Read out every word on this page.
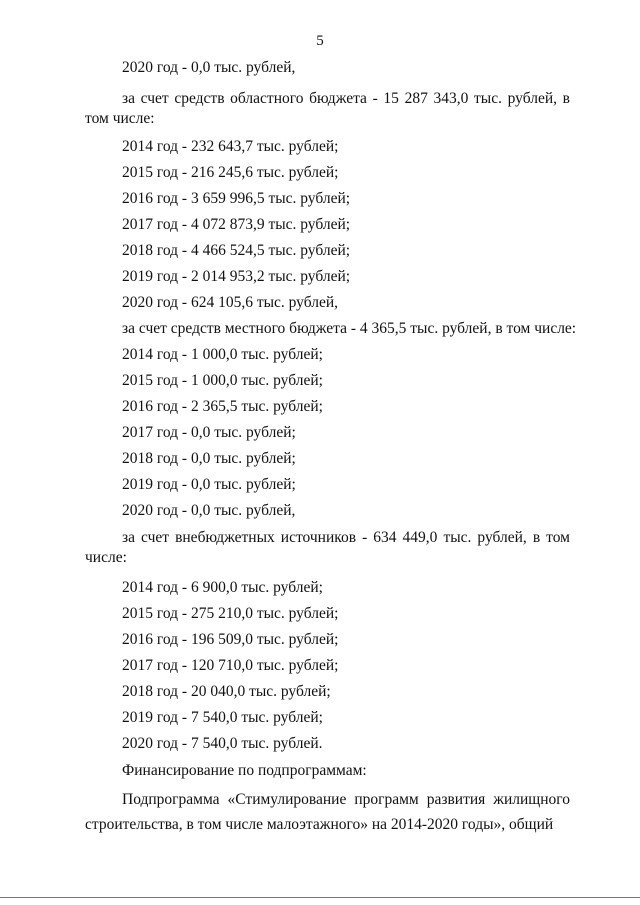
5
2020 год - 0,0 тыс. рублей,
за счет средств областного бюджета - 15 287 343,0 тыс. рублей, в том числе:
2014 год - 232 643,7 тыс. рублей;
2015 год - 216 245,6 тыс. рублей;
2016 год - 3 659 996,5 тыс. рублей;
2017 год - 4 072 873,9 тыс. рублей;
2018 год - 4 466 524,5 тыс. рублей;
2019 год - 2 014 953,2 тыс. рублей;
2020 год - 624 105,6 тыс. рублей,
за счет средств местного бюджета - 4 365,5 тыс. рублей, в том числе:
2014 год - 1 000,0 тыс. рублей;
2015 год - 1 000,0 тыс. рублей;
2016 год - 2 365,5 тыс. рублей;
2017 год - 0,0 тыс. рублей;
2018 год - 0,0 тыс. рублей;
2019 год - 0,0 тыс. рублей;
2020 год - 0,0 тыс. рублей,
за счет внебюджетных источников - 634 449,0 тыс. рублей, в том числе:
2014 год - 6 900,0 тыс. рублей;
2015 год - 275 210,0 тыс. рублей;
2016 год - 196 509,0 тыс. рублей;
2017 год - 120 710,0 тыс. рублей;
2018 год - 20 040,0 тыс. рублей;
2019 год - 7 540,0 тыс. рублей;
2020 год - 7 540,0 тыс. рублей.
Финансирование по подпрограммам:
Подпрограмма «Стимулирование программ развития жилищного строительства, в том числе малоэтажного» на 2014-2020 годы», общий
